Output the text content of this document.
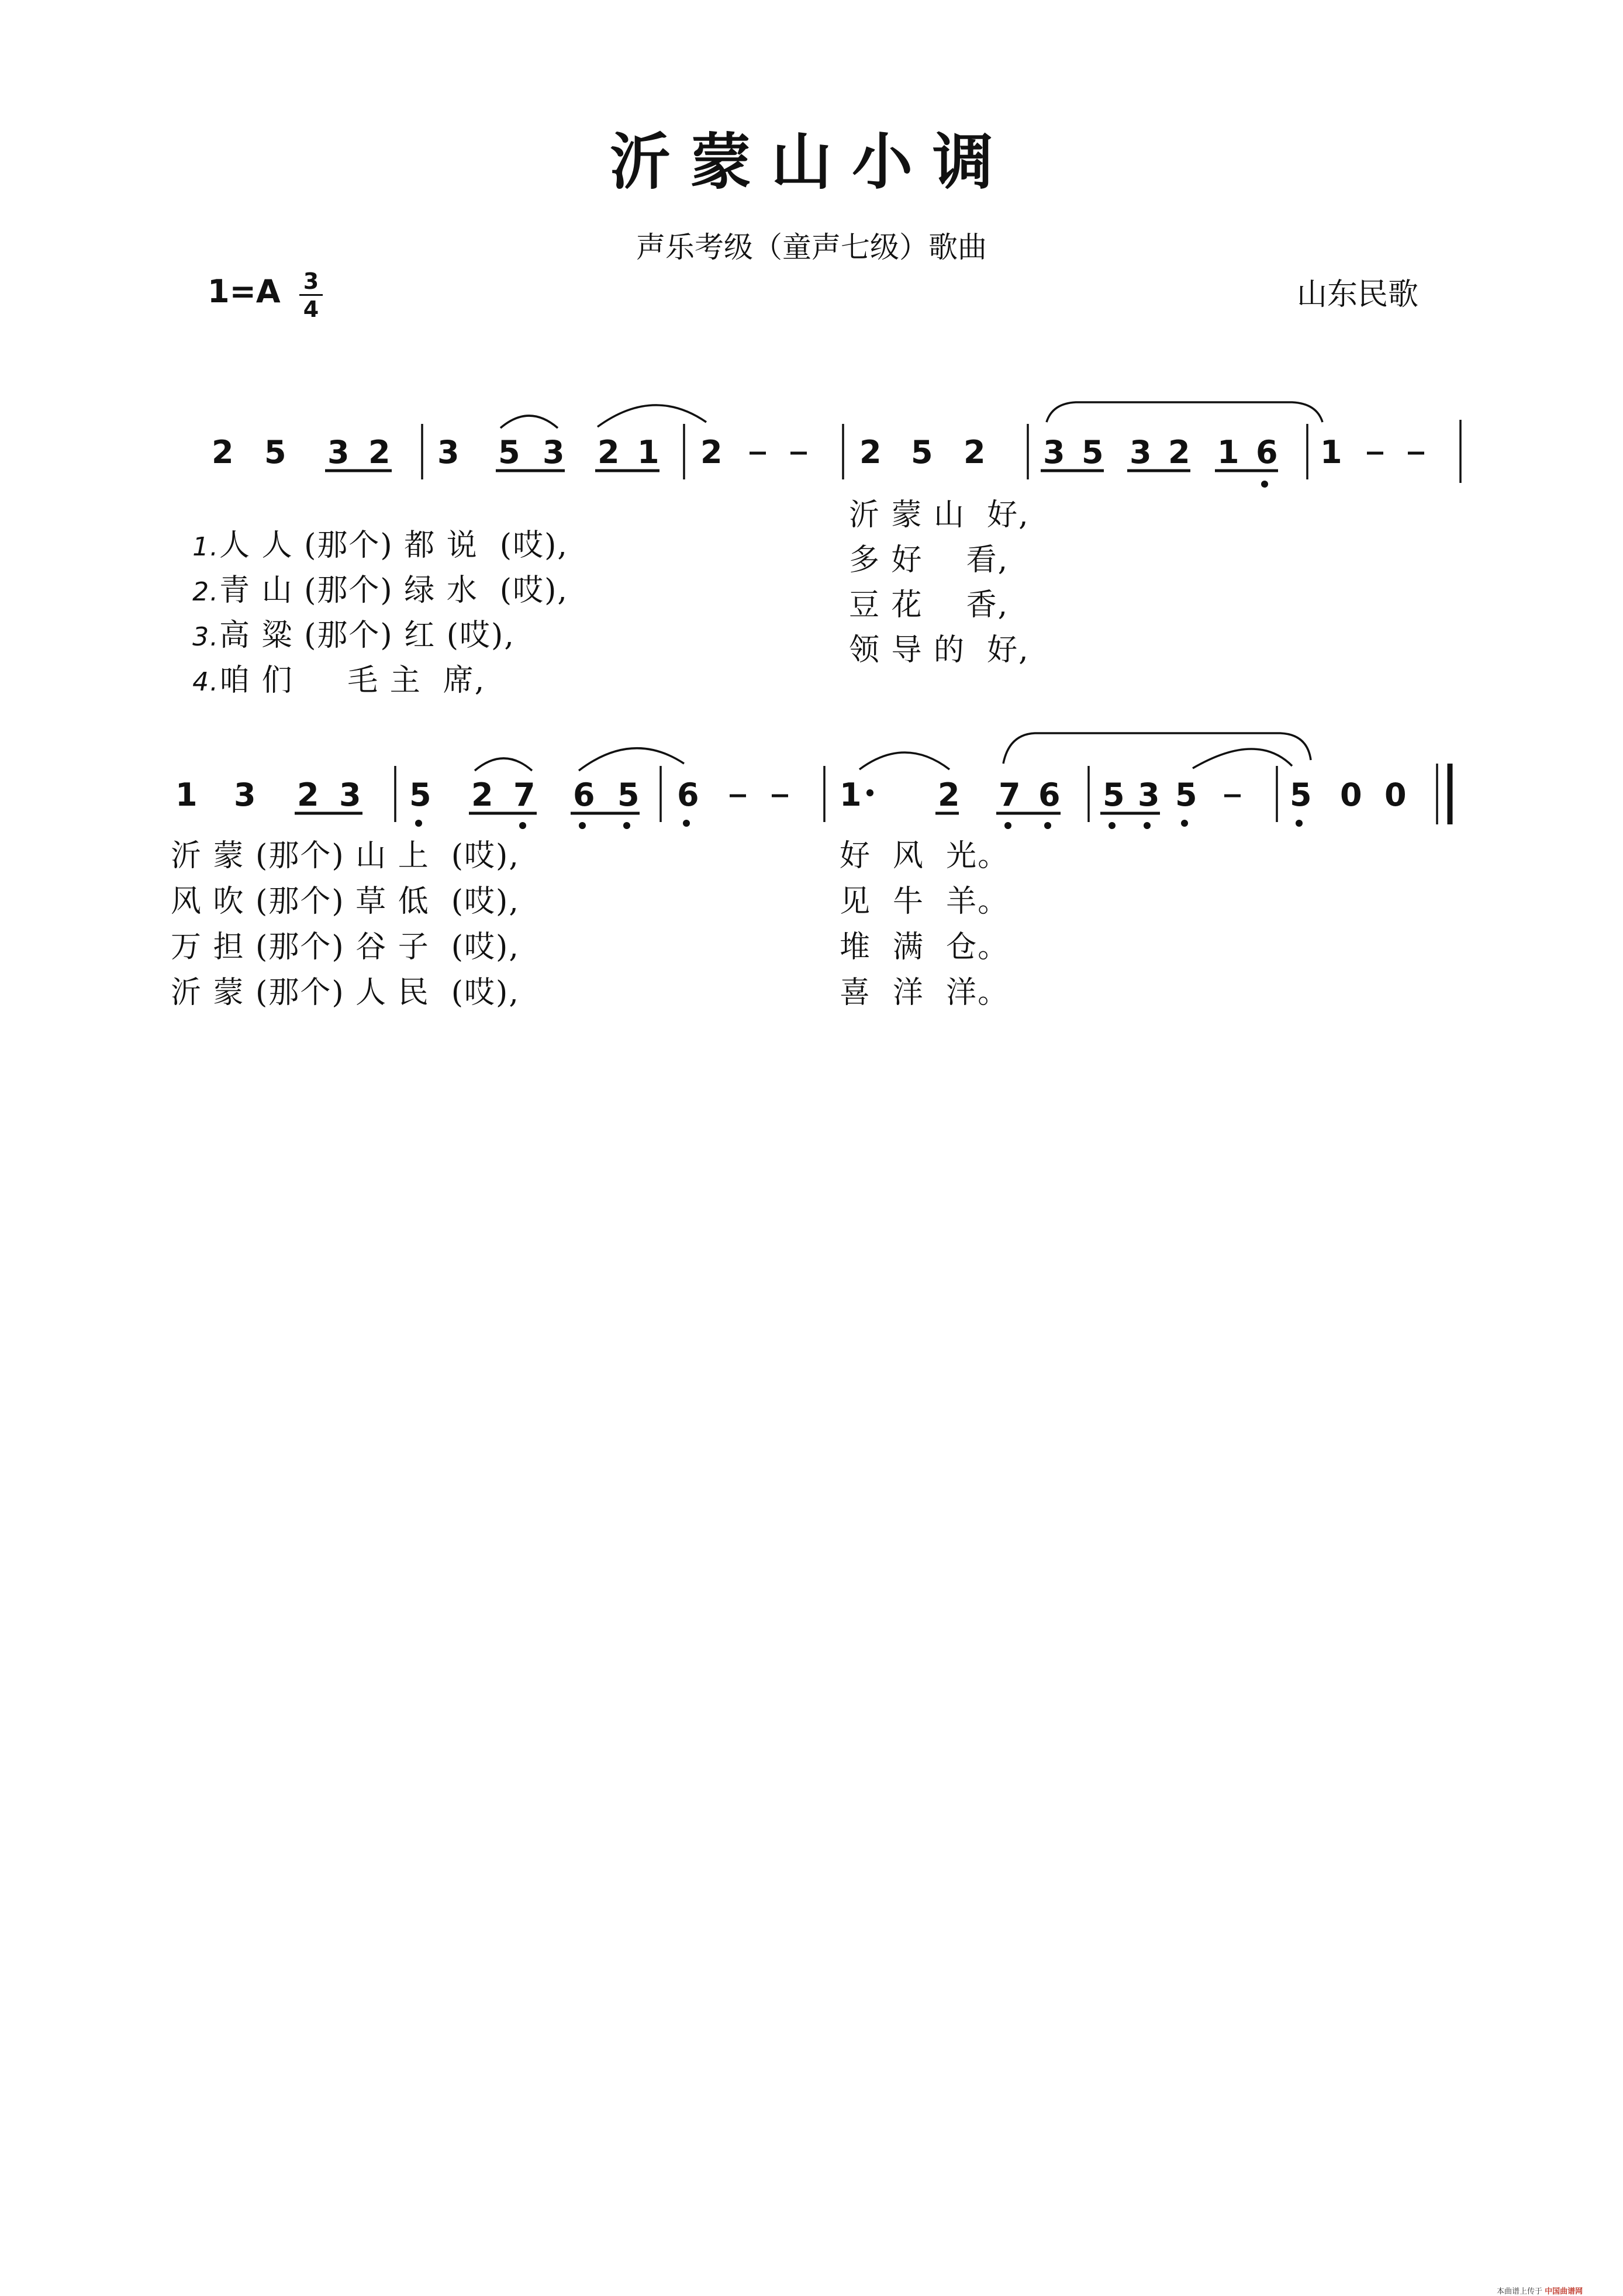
沂蒙山小调
声乐考级（童声七级）歌曲
1=A 3
4	山东民歌
2 5 3 2 3 5 3 2 1 2	2 5 2 3 5 3 2 1 6 1
1 3 2 3 5 2 7 6 5 6	1 2 7 6 5 3 5	5 0 0

1.人 人 (那个) 都 说  (哎),

沂 蒙 山  好,

2.青 山 (那个) 绿 水  (哎),

多 好    看,

3.高 粱 (那个) 红 (哎),

豆 花    香,

4.咱 们     毛 主  席,

领 导 的  好,
沂 蒙 (那个) 山 上  (哎),	好  风  光。
风 吹 (那个) 草 低  (哎),	见  牛  羊。
万 担 (那个) 谷 子  (哎),	堆  满  仓。
沂 蒙 (那个) 人 民  (哎),	喜  洋  洋。
本曲谱上传于 中国曲谱网
